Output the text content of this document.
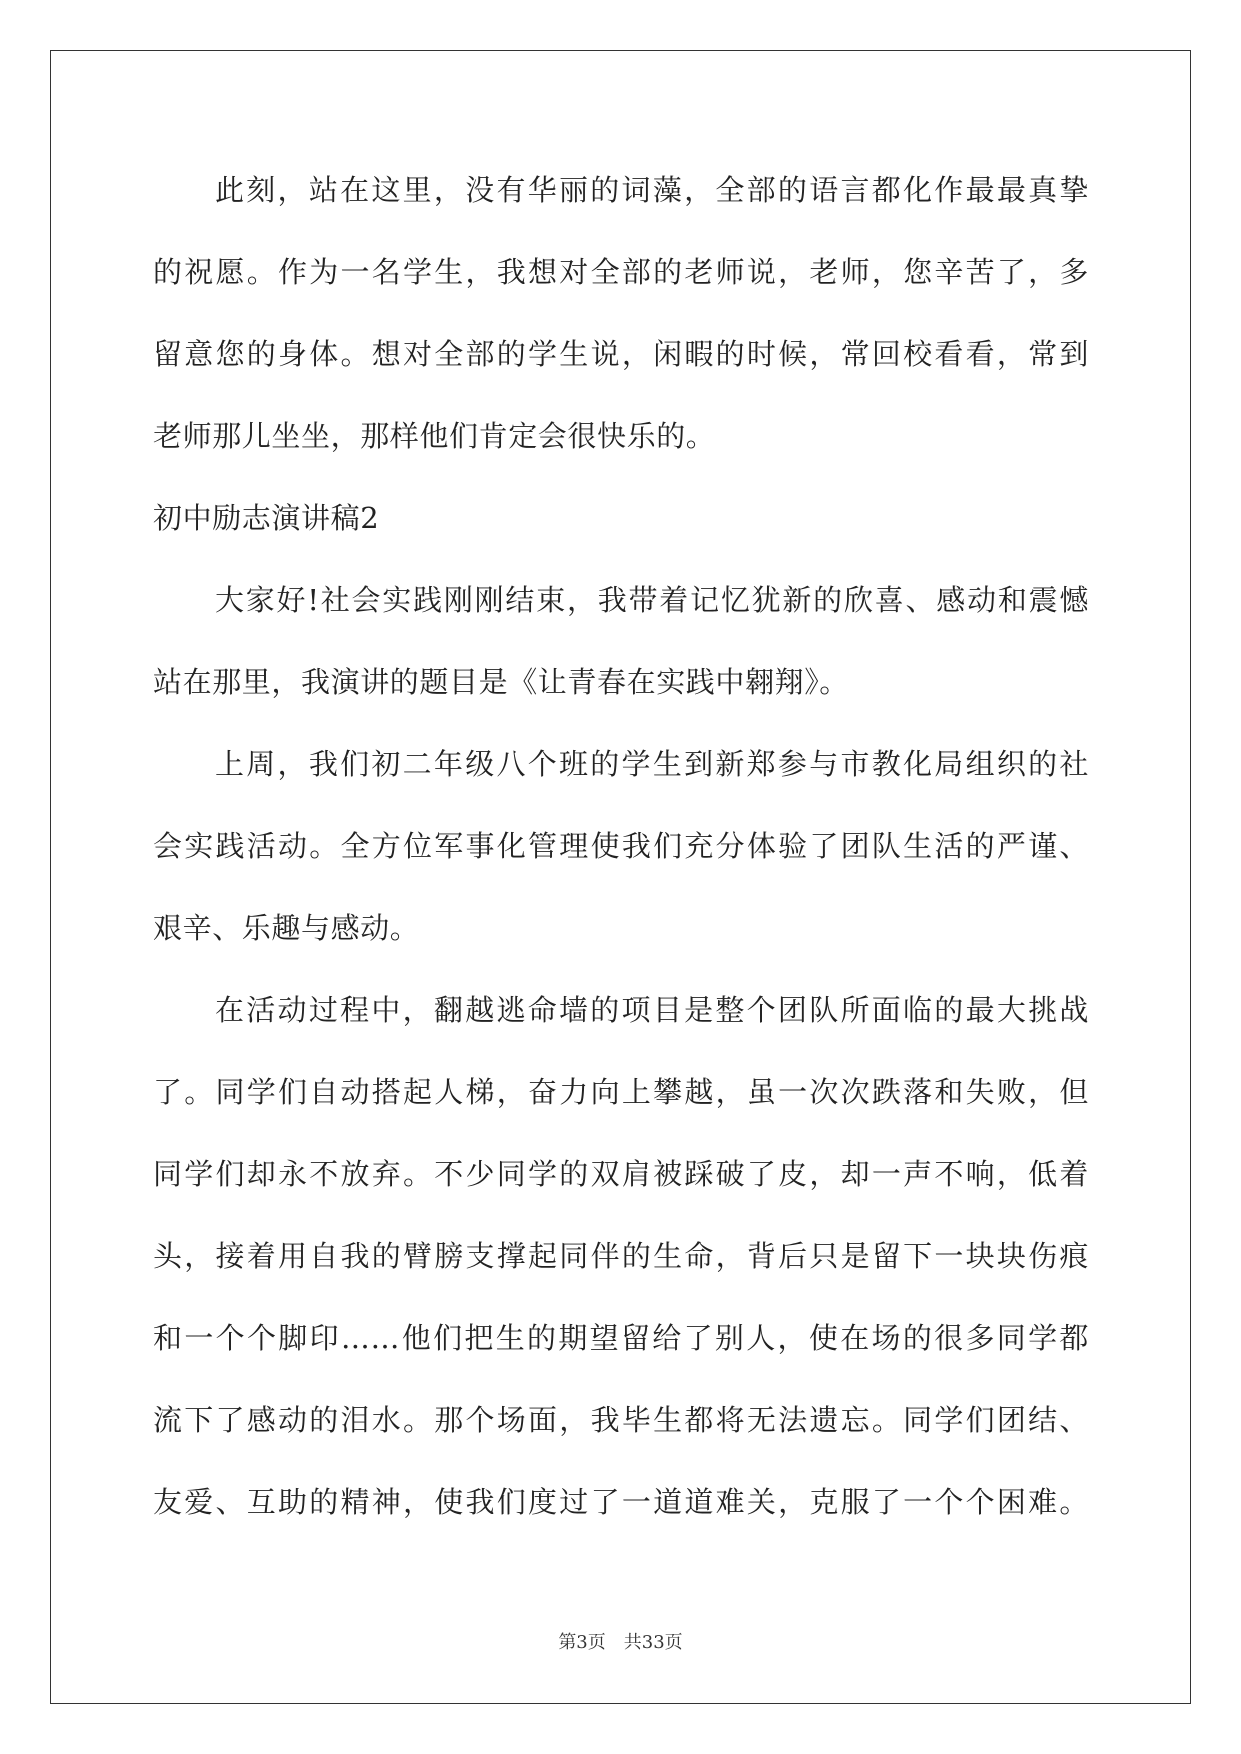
此刻，站在这里，没有华丽的词藻，全部的语言都化作最最真挚
的祝愿。作为一名学生，我想对全部的老师说，老师，您辛苦了，多
留意您的身体。想对全部的学生说，闲暇的时候，常回校看看，常到
老师那儿坐坐，那样他们肯定会很快乐的。
初中励志演讲稿2
大家好!社会实践刚刚结束，我带着记忆犹新的欣喜、感动和震憾
站在那里，我演讲的题目是《让青春在实践中翱翔》。
上周，我们初二年级八个班的学生到新郑参与市教化局组织的社
会实践活动。全方位军事化管理使我们充分体验了团队生活的严谨、
艰辛、乐趣与感动。
在活动过程中，翻越逃命墙的项目是整个团队所面临的最大挑战
了。同学们自动搭起人梯，奋力向上攀越，虽一次次跌落和失败，但
同学们却永不放弃。不少同学的双肩被踩破了皮，却一声不响，低着
头，接着用自我的臂膀支撑起同伴的生命，背后只是留下一块块伤痕
和一个个脚印……他们把生的期望留给了别人，使在场的很多同学都
流下了感动的泪水。那个场面，我毕生都将无法遗忘。同学们团结、
友爱、互助的精神，使我们度过了一道道难关，克服了一个个困难。
第3页 共33页
